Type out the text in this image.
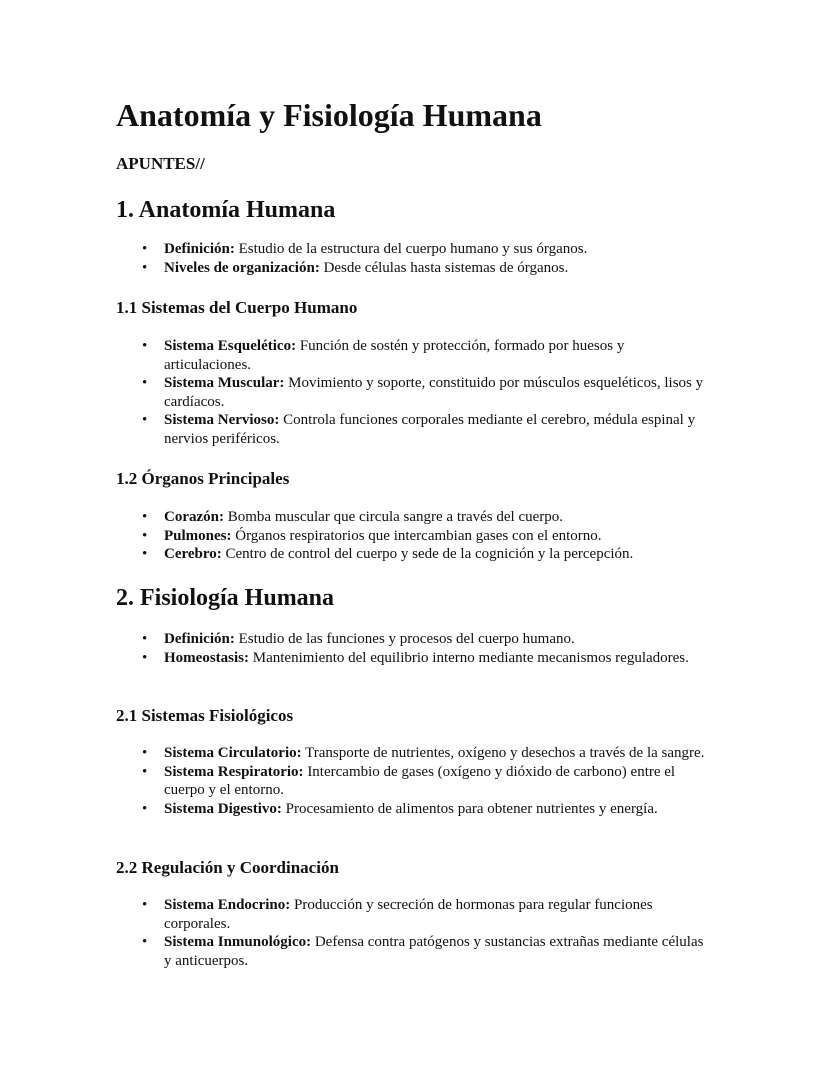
Anatomía y Fisiología Humana

APUNTES//

1. Anatomía Humana
• Definición: Estudio de la estructura del cuerpo humano y sus órganos.
• Niveles de organización: Desde células hasta sistemas de órganos.
1.1 Sistemas del Cuerpo Humano
• Sistema Esquelético: Función de sostén y protección, formado por huesos y articulaciones.
• Sistema Muscular: Movimiento y soporte, constituido por músculos esqueléticos, lisos y cardíacos.
• Sistema Nervioso: Controla funciones corporales mediante el cerebro, médula espinal y nervios periféricos.
1.2 Órganos Principales
• Corazón: Bomba muscular que circula sangre a través del cuerpo.
• Pulmones: Órganos respiratorios que intercambian gases con el entorno.
• Cerebro: Centro de control del cuerpo y sede de la cognición y la percepción.
2. Fisiología Humana
• Definición: Estudio de las funciones y procesos del cuerpo humano.
• Homeostasis: Mantenimiento del equilibrio interno mediante mecanismos reguladores.
2.1 Sistemas Fisiológicos
• Sistema Circulatorio: Transporte de nutrientes, oxígeno y desechos a través de la sangre.
• Sistema Respiratorio: Intercambio de gases (oxígeno y dióxido de carbono) entre el cuerpo y el entorno.
• Sistema Digestivo: Procesamiento de alimentos para obtener nutrientes y energía.
2.2 Regulación y Coordinación
• Sistema Endocrino: Producción y secreción de hormonas para regular funciones corporales.
• Sistema Inmunológico: Defensa contra patógenos y sustancias extrañas mediante células y anticuerpos.
